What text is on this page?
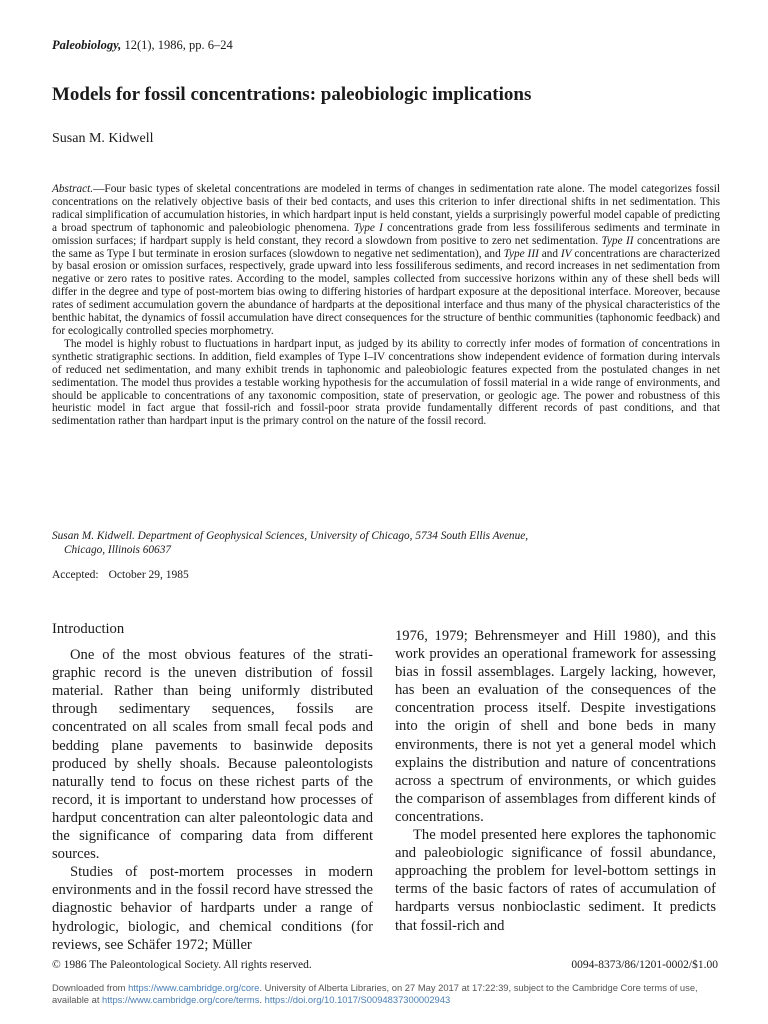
Paleobiology, 12(1), 1986, pp. 6–24
Models for fossil concentrations: paleobiologic implications
Susan M. Kidwell

Abstract.—Four basic types of skeletal concentrations are modeled in terms of changes in sedimentation rate alone. The model categorizes fossil concentrations on the relatively objective basis of their bed contacts, and uses this criterion to infer directional shifts in net sedimentation. This radical simplification of accumulation histories, in which hardpart input is held constant, yields a surprisingly powerful model capable of predicting a broad spectrum of taphonomic and paleobiologic phenomena. Type I concentrations grade from less fossiliferous sediments and terminate in omission surfaces; if hardpart supply is held constant, they record a slowdown from positive to zero net sedimentation. Type II concentrations are the same as Type I but terminate in erosion surfaces (slowdown to negative net sedimentation), and Type III and IV concentrations are characterized by basal erosion or omission surfaces, respectively, grade upward into less fossiliferous sediments, and record increases in net sedimentation from negative or zero rates to positive rates. According to the model, samples collected from successive horizons within any of these shell beds will differ in the degree and type of post-mortem bias owing to differing histories of hardpart exposure at the depositional interface. Moreover, because rates of sediment accumulation govern the abundance of hardparts at the depositional interface and thus many of the physical characteristics of the benthic habitat, the dynamics of fossil accumulation have direct consequences for the structure of benthic communities (taphonomic feedback) and for ecologically controlled species morphometry.

The model is highly robust to fluctuations in hardpart input, as judged by its ability to correctly infer modes of formation of concentrations in synthetic stratigraphic sections. In addition, field examples of Type I–IV concentrations show independent evidence of formation during intervals of reduced net sedimentation, and many exhibit trends in taphonomic and paleobiologic features expected from the postulated changes in net sedimentation. The model thus provides a testable working hypothesis for the accumulation of fossil material in a wide range of environments, and should be applicable to concentrations of any taxonomic composition, state of preservation, or geologic age. The power and robustness of this heuristic model in fact argue that fossil-rich and fossil-poor strata provide fundamentally different records of past conditions, and that sedimentation rather than hardpart input is the primary control on the nature of the fossil record.

Susan M. Kidwell. Department of Geophysical Sciences, University of Chicago, 5734 South Ellis Avenue,
Chicago, Illinois 60637
Accepted: October 29, 1985
Introduction

One of the most obvious features of the stratigraphic record is the uneven distribution of fossil material. Rather than being uniformly distributed through sedimentary sequences, fossils are concentrated on all scales from small fecal pods and bedding plane pavements to basinwide deposits produced by shelly shoals. Because paleontologists naturally tend to focus on these richest parts of the record, it is important to understand how processes of hardput concentration can alter paleontologic data and the significance of comparing data from different sources.

Studies of post-mortem processes in modern environments and in the fossil record have stressed the diagnostic behavior of hardparts under a range of hydrologic, biologic, and chemical conditions (for reviews, see Schäfer 1972; Müller

1976, 1979; Behrensmeyer and Hill 1980), and this work provides an operational framework for assessing bias in fossil assemblages. Largely lacking, however, has been an evaluation of the consequences of the concentration process itself. Despite investigations into the origin of shell and bone beds in many environments, there is not yet a general model which explains the distribution and nature of concentrations across a spectrum of environments, or which guides the comparison of assemblages from different kinds of concentrations.

The model presented here explores the taphonomic and paleobiologic significance of fossil abundance, approaching the problem for level-bottom settings in terms of the basic factors of rates of accumulation of hardparts versus nonbioclastic sediment. It predicts that fossil-rich and

© 1986 The Paleontological Society. All rights reserved.	0094-8373/86/1201-0002/$1.00
Downloaded from https://www.cambridge.org/core. University of Alberta Libraries, on 27 May 2017 at 17:22:39, subject to the Cambridge Core terms of use, available at https://www.cambridge.org/core/terms. https://doi.org/10.1017/S0094837300002943
